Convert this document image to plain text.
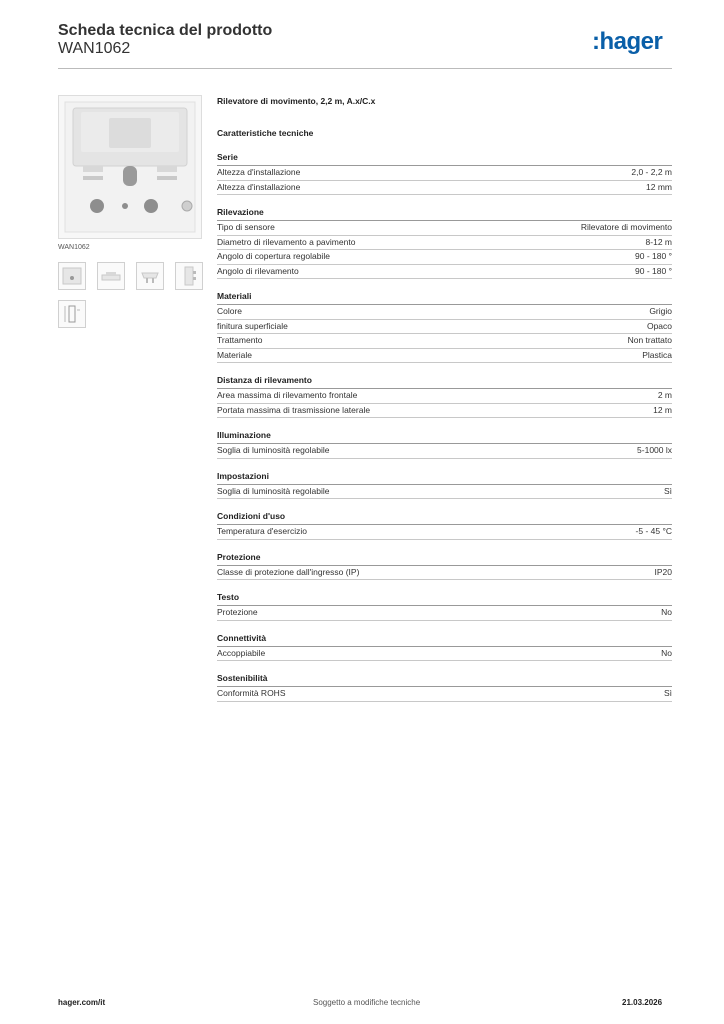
Scheda tecnica del prodotto
WAN1062	:hager
WAN1062
Rilevatore di movimento, 2,2 m, A.x/C.x
Caratteristiche tecniche
Serie
Altezza d'installazione	2,0 - 2,2 m
Altezza d'installazione	12 mm
Rilevazione
Tipo di sensore	Rilevatore di movimento
Diametro di rilevamento a pavimento	8-12 m
Angolo di copertura regolabile	90 - 180 °
Angolo di rilevamento	90 - 180 °
Materiali
Colore	Grigio
finitura superficiale	Opaco
Trattamento	Non trattato
Materiale	Plastica
Distanza di rilevamento
Area massima di rilevamento frontale	2 m
Portata massima di trasmissione laterale	12 m
Illuminazione
Soglia di luminosità regolabile	5-1000 lx
Impostazioni
Soglia di luminosità regolabile	Sì
Condizioni d'uso
Temperatura d'esercizio	-5 - 45 °C
Protezione
Classe di protezione dall'ingresso (IP)	IP20
Testo
Protezione	No
Connettività
Accoppiabile	No
Sostenibilità
Conformità ROHS	Sì
hager.com/it	Soggetto a modifiche tecniche	21.03.2026
